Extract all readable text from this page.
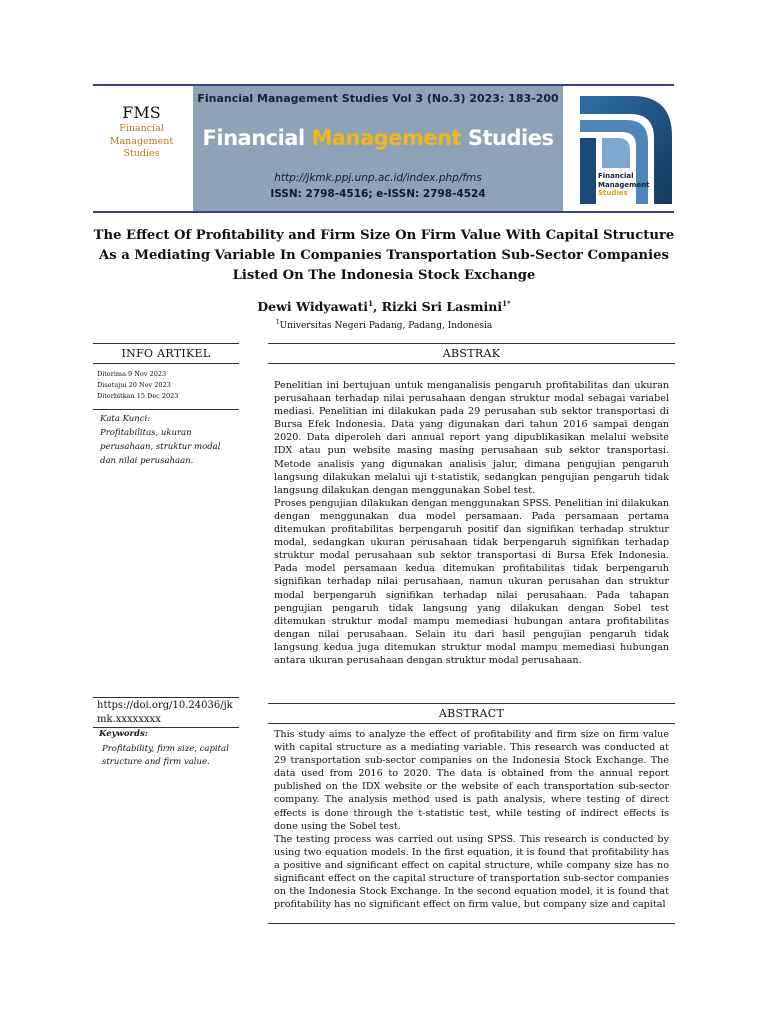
FMS
Financial
Management
Studies
Financial Management Studies Vol 3 (No.3) 2023: 183-200
Financial Management Studies
http://jkmk.ppj.unp.ac.id/index.php/fms
ISSN: 2798-4516; e-ISSN: 2798-4524
Financial
Management
Studies
The Effect Of Profitability and Firm Size On Firm Value With Capital Structure
As a Mediating Variable In Companies Transportation Sub-Sector Companies
Listed On The Indonesia Stock Exchange
Dewi Widyawati$^1$, Rizki Sri Lasmini$^{1*}$
$^1$Universitas Negeri Padang, Padang, Indonesia
INFO ARTIKEL
Diterima 9 Nov 2023
Disetujui 20 Nov 2023
Diterbitkan 15 Dec 2023
Kata Kunci:
Profitabilitas, ukuran perusahaan, struktur modal dan nilai perusahaan.
ABSTRAK

Penelitian ini bertujuan untuk menganalisis pengaruh profitabilitas dan ukuran perusahaan terhadap nilai perusahaan dengan struktur modal sebagai variabel mediasi. Penelitian ini dilakukan pada 29 perusahan sub sektor transportasi di Bursa Efek Indonesia. Data yang digunakan dari tahun 2016 sampai dengan 2020. Data diperoleh dari annual report yang dipublikasikan melalui website IDX atau pun website masing masing perusahaan sub sektor transportasi. Metode analisis yang digunakan analisis jalur, dimana pengujian pengaruh langsung dilakukan melalui uji t-statistik, sedangkan pengujian pengaruh tidak langsung dilakukan dengan menggunakan Sobel test.

Proses pengujian dilakukan dengan menggunakan SPSS. Penelitian ini dilakukan dengan menggunakan dua model persamaan. Pada persamaan pertama ditemukan profitabilitas berpengaruh positif dan signifikan terhadap struktur modal, sedangkan ukuran perusahaan tidak berpengaruh signifikan terhadap struktur modal perusahaan sub sektor transportasi di Bursa Efek Indonesia. Pada model persamaan kedua ditemukan profitabilitas tidak berpengaruh signifikan terhadap nilai perusahaan, namun ukuran perusahan dan struktur modal berpengaruh signifikan terhadap nilai perusahaan. Pada tahapan pengujian pengaruh tidak langsung yang dilakukan dengan Sobel test ditemukan struktur modal mampu memediasi hubungan antara profitabilitas dengan nilai perusahaan. Selain itu dari hasil pengujian pengaruh tidak langsung kedua juga ditemukan struktur modal mampu memediasi hubungan antara ukuran perusahaan dengan struktur modal perusahaan.

https://doi.org/10.24036/jkmk.xxxxxxxx
Keywords:
Profitability, firm size, capital structure and firm value.
ABSTRACT

This study aims to analyze the effect of profitability and firm size on firm value with capital structure as a mediating variable. This research was conducted at 29 transportation sub-sector companies on the Indonesia Stock Exchange. The data used from 2016 to 2020. The data is obtained from the annual report published on the IDX website or the website of each transportation sub-sector company. The analysis method used is path analysis, where testing of direct effects is done through the t-statistic test, while testing of indirect effects is done using the Sobel test.

The testing process was carried out using SPSS. This research is conducted by using two equation models. In the first equation, it is found that profitability has a positive and significant effect on capital structure, while company size has no significant effect on the capital structure of transportation sub-sector companies on the Indonesia Stock Exchange. In the second equation model, it is found that profitability has no significant effect on firm value, but company size and capital
